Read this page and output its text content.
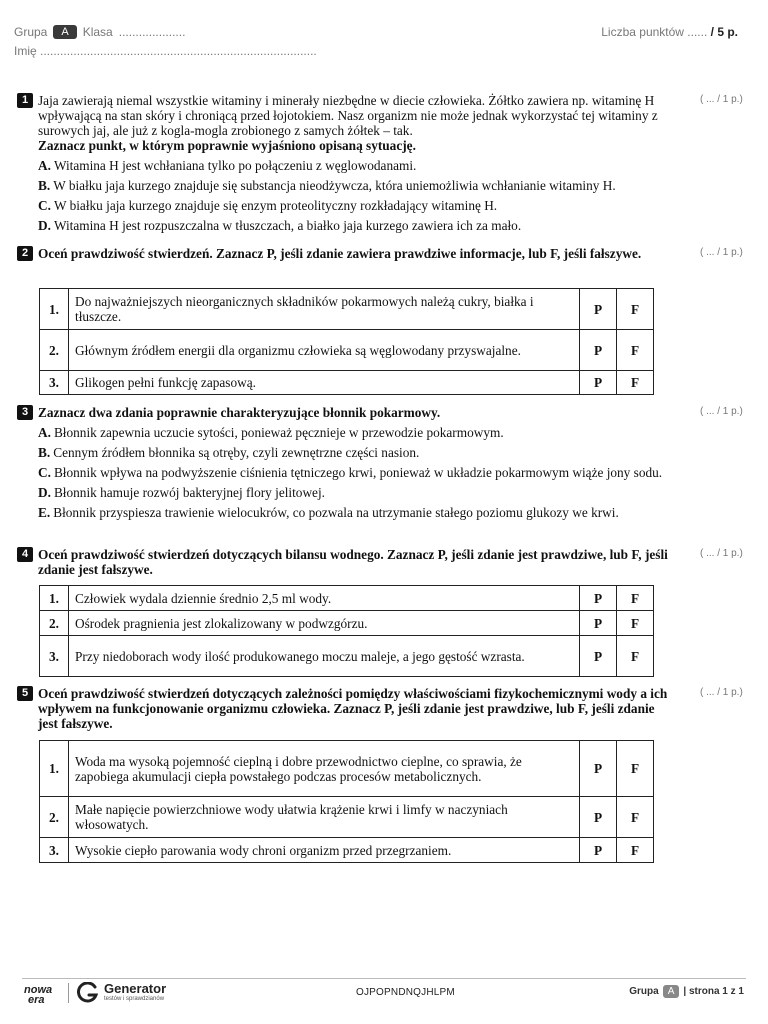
Grupa	A	Klasa ....................
Imię ...................................................................................
Liczba punktów ...... / 5 p.
1 Jaja zawierają niemal wszystkie witaminy i minerały niezbędne w diecie człowieka. Żółtko zawiera np. witaminę H wpływającą na stan skóry i chroniącą przed łojotokiem. Nasz organizm nie może jednak wykorzystać tej witaminy z surowych jaj, ale już z kogla-mogla zrobionego z samych żółtek – tak.
Zaznacz punkt, w którym poprawnie wyjaśniono opisaną sytuację.
A. Witamina H jest wchłaniana tylko po połączeniu z węglowodanami.
B. W białku jaja kurzego znajduje się substancja nieodżywcza, która uniemożliwia wchłanianie witaminy H.
C. W białku jaja kurzego znajduje się enzym proteolityczny rozkładający witaminę H.
D. Witamina H jest rozpuszczalna w tłuszczach, a białko jaja kurzego zawiera ich za mało.
( ... / 1 p.)
2 Oceń prawdziwość stwierdzeń. Zaznacz P, jeśli zdanie zawiera prawdziwe informacje, lub F, jeśli fałszywe.	( ... / 1 p.)
1.	Do najważniejszych nieorganicznych składników pokarmowych należą cukry, białka i tłuszcze.	P	F
2.	Głównym źródłem energii dla organizmu człowieka są węglowodany przyswajalne.	P	F
3.	Glikogen pełni funkcję zapasową.	P	F
3 Zaznacz dwa zdania poprawnie charakteryzujące błonnik pokarmowy.
A. Błonnik zapewnia uczucie sytości, ponieważ pęcznieje w przewodzie pokarmowym.
B. Cennym źródłem błonnika są otręby, czyli zewnętrzne części nasion.
C. Błonnik wpływa na podwyższenie ciśnienia tętniczego krwi, ponieważ w układzie pokarmowym wiąże jony sodu.
D. Błonnik hamuje rozwój bakteryjnej flory jelitowej.
E. Błonnik przyspiesza trawienie wielocukrów, co pozwala na utrzymanie stałego poziomu glukozy we krwi.
( ... / 1 p.)
4 Oceń prawdziwość stwierdzeń dotyczących bilansu wodnego. Zaznacz P, jeśli zdanie jest prawdziwe, lub F, jeśli zdanie jest fałszywe.
( ... / 1 p.)
1.	Człowiek wydala dziennie średnio 2,5 ml wody.	P	F
2.	Ośrodek pragnienia jest zlokalizowany w podwzgórzu.	P	F
3.	Przy niedoborach wody ilość produkowanego moczu maleje, a jego gęstość wzrasta.	P	F
5 Oceń prawdziwość stwierdzeń dotyczących zależności pomiędzy właściwościami fizykochemicznymi wody a ich wpływem na funkcjonowanie organizmu człowieka. Zaznacz P, jeśli zdanie jest prawdziwe, lub F, jeśli zdanie jest fałszywe.
( ... / 1 p.)
1.	Woda ma wysoką pojemność cieplną i dobre przewodnictwo cieplne, co sprawia, że zapobiega akumulacji ciepła powstałego podczas procesów metabolicznych.	P	F
2.	Małe napięcie powierzchniowe wody ułatwia krążenie krwi i limfy w naczyniach włosowatych.	P	F
3.	Wysokie ciepło parowania wody chroni organizm przed przegrzaniem.	P	F
nowa
era
Generator
testów i sprawdzianów
OJPOPNDNQJHLPM	Grupa A | strona 1 z 1
